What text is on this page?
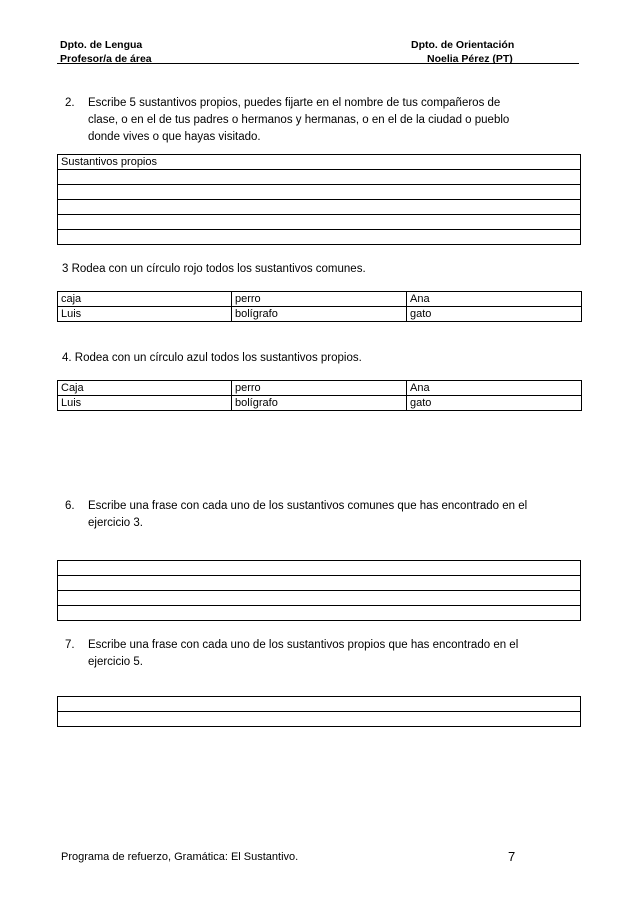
Dpto. de Lengua
Profesor/a de área
Dpto. de Orientación
Noelia Pérez (PT)
2. Escribe 5 sustantivos propios, puedes fijarte en el nombre de tus compañeros de
clase, o en el de tus padres o hermanos y hermanas, o en el de la ciudad o pueblo
donde vives o que hayas visitado.
Sustantivos propios

3 Rodea con un círculo rojo todos los sustantivos comunes.
caja	perro	Ana
Luis	bolígrafo	gato
4. Rodea con un círculo azul todos los sustantivos propios.
Caja	perro	Ana
Luis	bolígrafo	gato
6. Escribe una frase con cada uno de los sustantivos comunes que has encontrado en el
ejercicio 3.

7. Escribe una frase con cada uno de los sustantivos propios que has encontrado en el
ejercicio 5.

Programa de refuerzo, Gramática: El Sustantivo.	7
